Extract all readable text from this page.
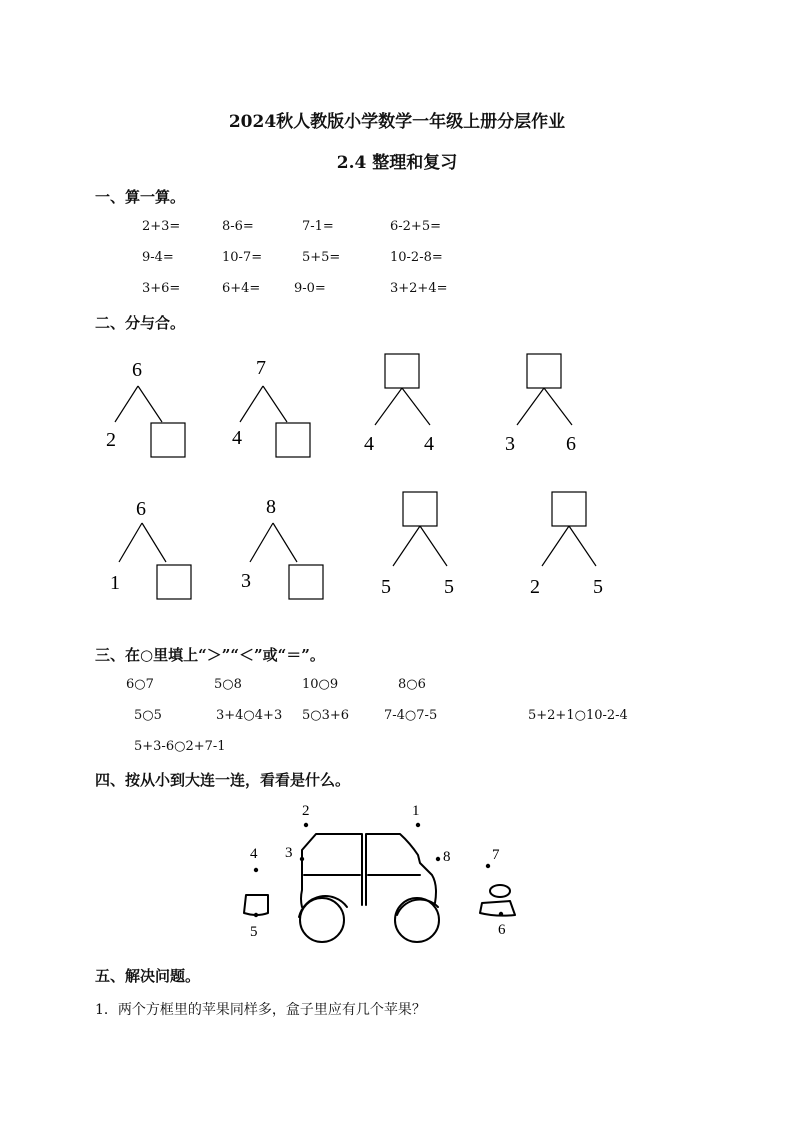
2024秋人教版小学数学一年级上册分层作业
2.4 整理和复习
一、算一算。
2+3=	8-6=	7-1=	6-2+5=
9-4=	10-7=	5+5=	10-2-8=
3+6=	6+4=	9-0=	3+2+4=
二、分与合。
6
2
7
4	4	4	3	6
6
1
8
3	5	5	2	5
三、在○里填上“＞”“＜”或“＝”。
6○7	5○8	10○9	8○6
5○5	3+4○4+3 5○3+6	7-4○7-5	5+2+1○10-2-4
5+3-6○2+7-1
四、按从小到大连一连，看看是什么。
1
2
3
4
5	6
7
8
五、解决问题。
1．两个方框里的苹果同样多，盒子里应有几个苹果？
